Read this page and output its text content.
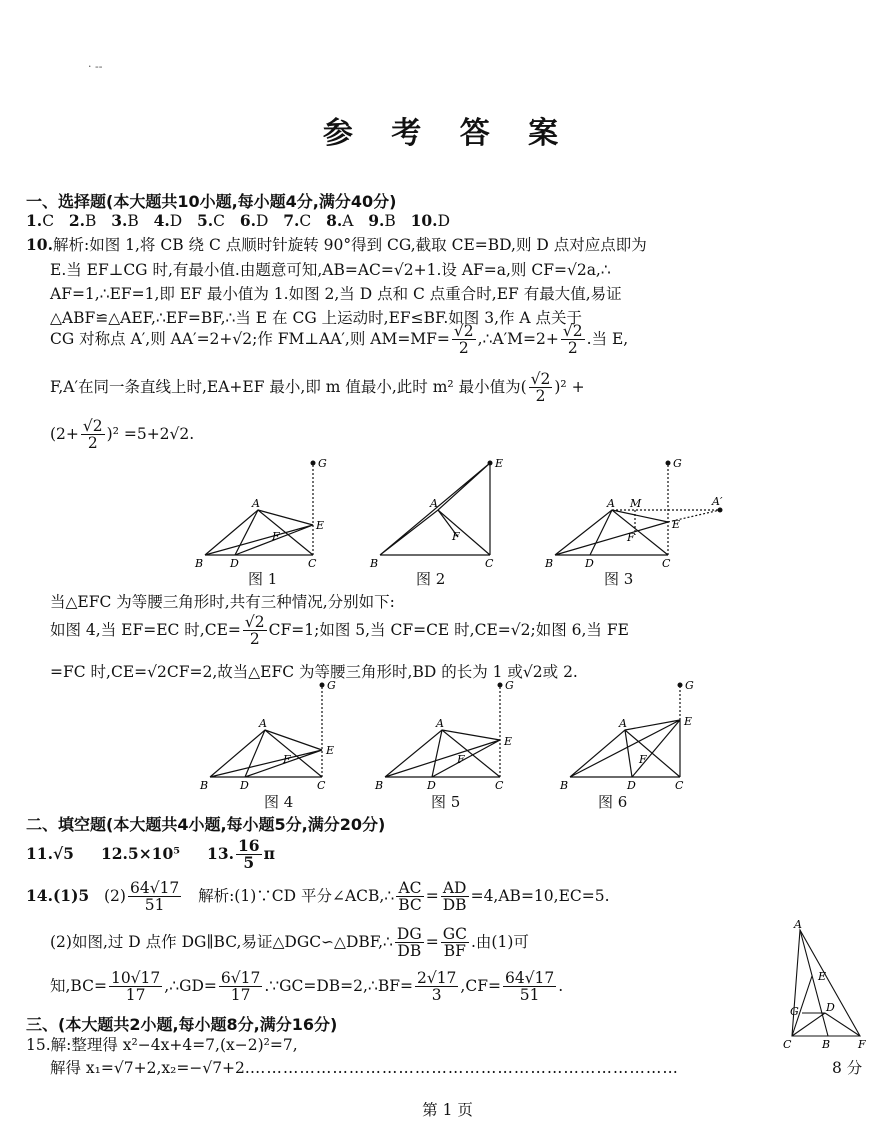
· --
参 考 答 案
一、选择题(本大题共10小题,每小题4分,满分40分)
1.C 2.B 3.B 4.D 5.C 6.D 7.C 8.A 9.B 10.D
10.解析:如图 1,将 CB 绕 C 点顺时针旋转 90°得到 CG,截取 CE=BD,则 D 点对应点即为
E.当 EF⊥CG 时,有最小值.由题意可知,AB=AC=√2+1.设 AF=a,则 CF=√2a,∴
AF=1,∴EF=1,即 EF 最小值为 1.如图 2,当 D 点和 C 点重合时,EF 有最大值,易证
△ABF≌△AEF,∴EF=BF,∴当 E 在 CG 上运动时,EF≤BF.如图 3,作 A 点关于
CG 对称点 A′,则 AA′=2+√2;作 FM⊥AA′,则 $AM=MF= \frac{√2}{2}$ ,∴A′M=2+ $\frac{√2}{2}$ .当 E,
F,A′在同一条直线上时,EA+EF 最小,即 m 值最小,此时 m² 最小值为( $\frac{√2}{2} )^2$ +
$(2+ \frac{√2}{2} )^2 =5+2√2$.
G
A
B D	C
E
F
E
A
B	C
F
G
A M	A′
E
F
B	D	C
图 1	图 2	图 3
当△EFC 为等腰三角形时,共有三种情况,分别如下:
如图 4,当 EF=EC 时$,CE= \frac{√2}{2} CF=1$;如图 5,当 CF=CE 时,CE=√2;如图 6,当 FE
=FC 时,CE=√2CF=2,故当△EFC 为等腰三角形时,BD 的长为 1 或√2或 2.
G
A
E
F
B	D	C
G
A
E
F
B	D	C
G
A	E
F
B	D	C
图 4	图 5	图 6
二、填空题(本大题共4小题,每小题5分,满分20分)
11.√5 12.5×10⁵ 13. $\frac{16}{5}$ π
14.(1)5 $(2) \frac{64√17}{51}$ 解析:(1)∵CD 平分∠ACB,∴ $\frac{AC}{BC} = \frac{AD}{DB} =4,AB=10,EC=5$.
(2)如图,过 D 点作 DG∥BC,易证△DGC∽△DBF,∴ $\frac{DG}{DB} = \frac{GC}{BF}$ .由(1)可
知$,BC= \frac{10√17}{17}$ ,∴GD= $\frac{6√17}{17}$ .∵GC=DB=2,∴BF= $\frac{2√17}{3} ,CF= \frac{64√17}{51}$ .
A
E
D
G
C	B	F
三、(本大题共2小题,每小题8分,满分16分)
15.解:整理得 x²−4x+4=7,(x−2)²=7,
解得 x₁=√7+2,x₂=−√7+2.……………………………………………………………………	8 分
第 1 页
